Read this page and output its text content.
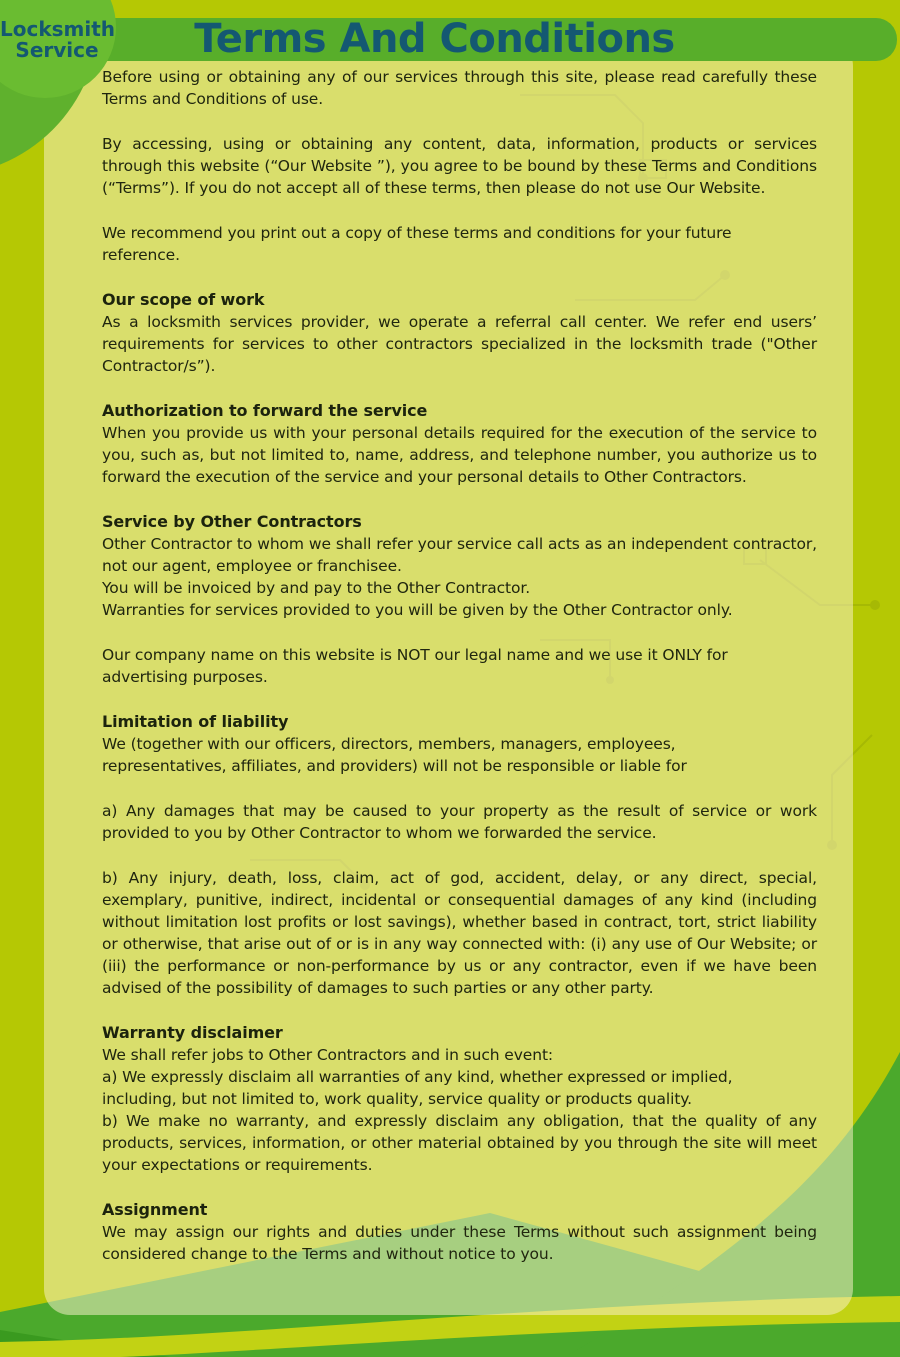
Before using or obtaining any of our services through this site, please read carefully these Terms and Conditions of use.

By accessing, using or obtaining any content, data, information, products or services through this website (“Our Website ”), you agree to be bound by these Terms and Conditions (“Terms”). If you do not accept all of these terms, then please do not use Our Website.

We recommend you print out a copy of these terms and conditions for your future
reference.

Our scope of work

As a locksmith services provider, we operate a referral call center. We refer end users’ requirements for services to other contractors specialized in the locksmith trade ("Other Contractor/s”).

Authorization to forward the service

When you provide us with your personal details required for the execution of the service to you, such as, but not limited to, name, address, and telephone number, you authorize us to forward the execution of the service and your personal details to Other Contractors.

Service by Other Contractors

Other Contractor to whom we shall refer your service call acts as an independent contractor, not our agent, employee or franchisee.
You will be invoiced by and pay to the Other Contractor.
Warranties for services provided to you will be given by the Other Contractor only.

Our company name on this website is NOT our legal name and we use it ONLY for
advertising purposes.

Limitation of liability

We (together with our officers, directors, members, managers, employees,
representatives, affiliates, and providers) will not be responsible or liable for

a) Any damages that may be caused to your property as the result of service or work provided to you by Other Contractor to whom we forwarded the service.

b) Any injury, death, loss, claim, act of god, accident, delay, or any direct, special, exemplary, punitive, indirect, incidental or consequential damages of any kind (including without limitation lost profits or lost savings), whether based in contract, tort, strict liability or otherwise, that arise out of or is in any way connected with: (i) any use of Our Website; or (iii) the performance or non-performance by us or any contractor, even if we have been advised of the possibility of damages to such parties or any other party.

Warranty disclaimer

We shall refer jobs to Other Contractors and in such event:
a) We expressly disclaim all warranties of any kind, whether expressed or implied,
including, but not limited to, work quality, service quality or products quality.
b) We make no warranty, and expressly disclaim any obligation, that the quality of any products, services, information, or other material obtained by you through the site will meet your expectations or requirements.

Assignment

We may assign our rights and duties under these Terms without such assignment being considered change to the Terms and without notice to you.

Terms And Conditions
Locksmith
Service
